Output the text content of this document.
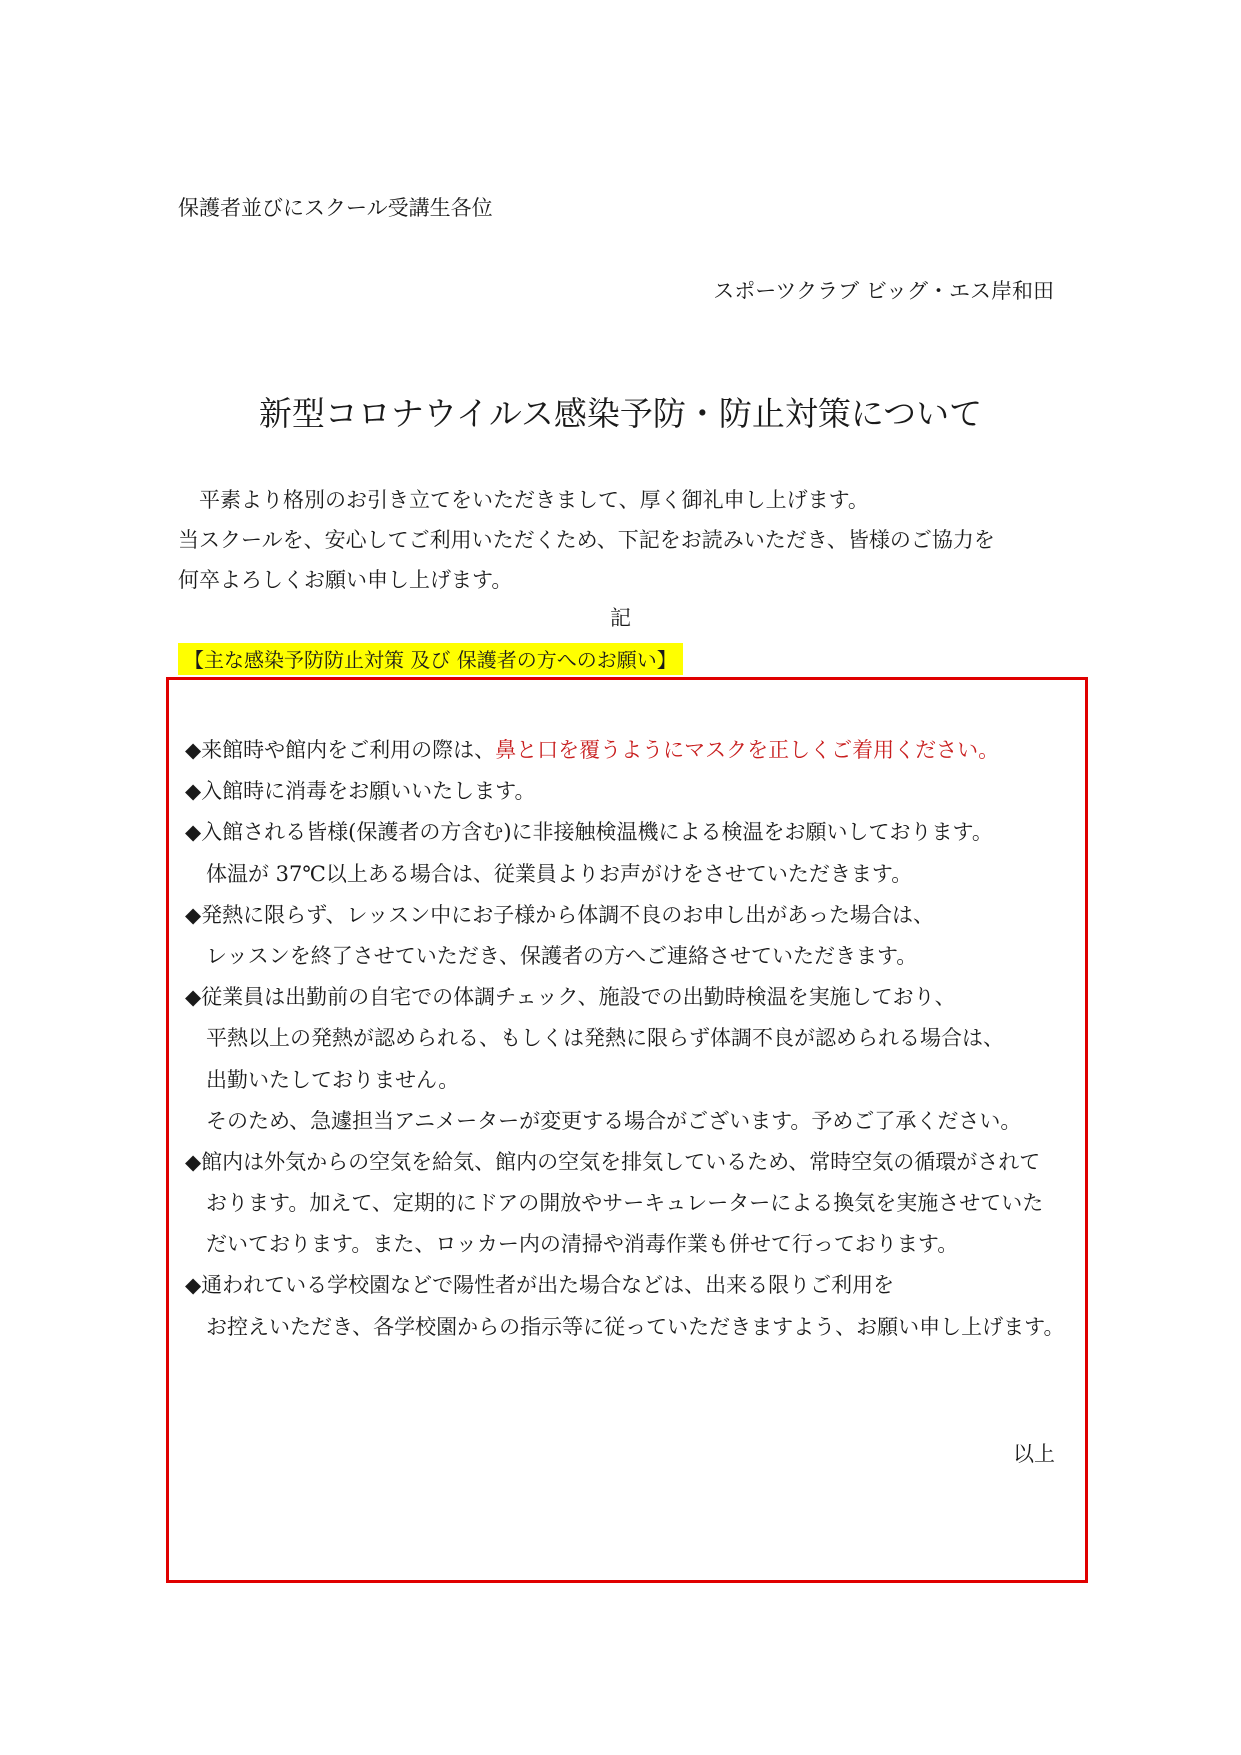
保護者並びにスクール受講生各位
スポーツクラブ ビッグ・エス岸和田
新型コロナウイルス感染予防・防止対策について
平素より格別のお引き立てをいただきまして、厚く御礼申し上げます。
当スクールを、安心してご利用いただくため、下記をお読みいただき、皆様のご協力を
何卒よろしくお願い申し上げます。
記
【主な感染予防防止対策 及び 保護者の方へのお願い】
◆来館時や館内をご利用の際は、鼻と口を覆うようにマスクを正しくご着用ください。
◆入館時に消毒をお願いいたします。
◆入館される皆様(保護者の方含む)に非接触検温機による検温をお願いしております。
体温が 37℃以上ある場合は、従業員よりお声がけをさせていただきます。
◆発熱に限らず、レッスン中にお子様から体調不良のお申し出があった場合は、
レッスンを終了させていただき、保護者の方へご連絡させていただきます。
◆従業員は出勤前の自宅での体調チェック、施設での出勤時検温を実施しており、
平熱以上の発熱が認められる、もしくは発熱に限らず体調不良が認められる場合は、
出勤いたしておりません。
そのため、急遽担当アニメーターが変更する場合がございます。予めご了承ください。
◆館内は外気からの空気を給気、館内の空気を排気しているため、常時空気の循環がされて
おります。加えて、定期的にドアの開放やサーキュレーターによる換気を実施させていた
だいております。また、ロッカー内の清掃や消毒作業も併せて行っております。
◆通われている学校園などで陽性者が出た場合などは、出来る限りご利用を
お控えいただき、各学校園からの指示等に従っていただきますよう、お願い申し上げます。
以上
